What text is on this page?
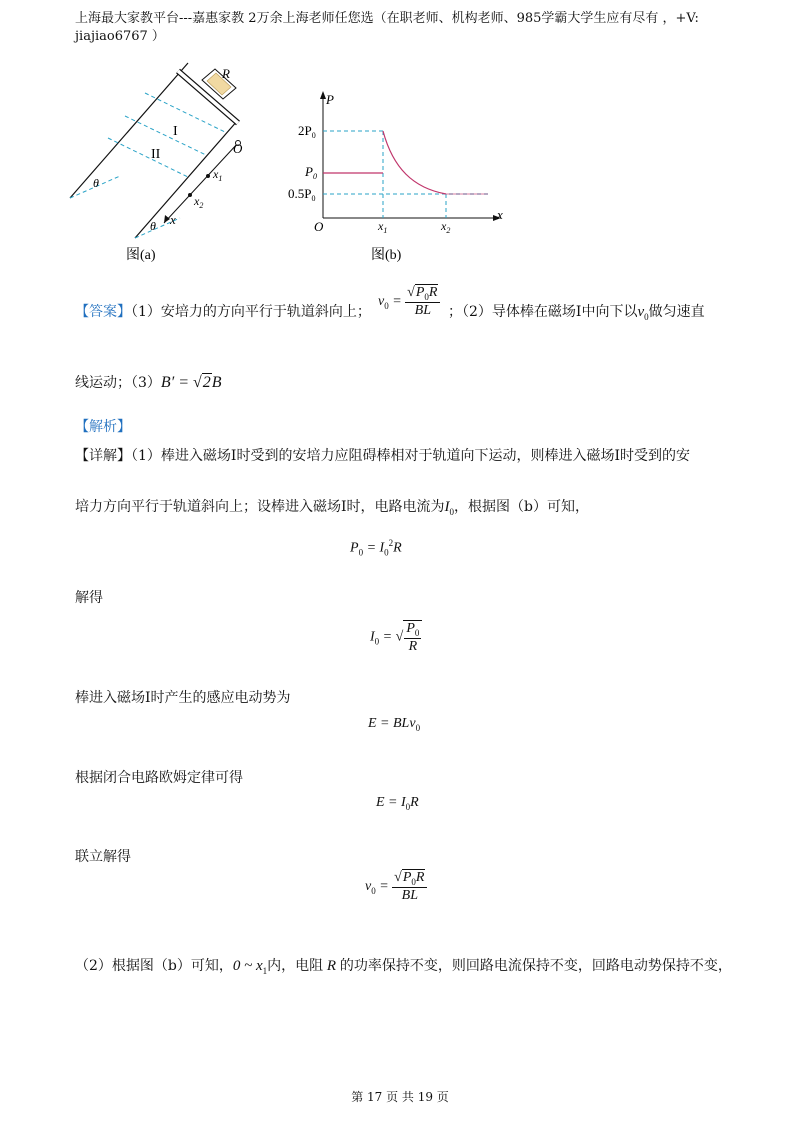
上海最大家教平台---嘉惠家教 2万余上海老师任您选（在职老师、机构老师、985学霸大学生应有尽有 ，+V:
jiajiao6767 ）
R
I
II	O
$x_1$
$x_2$
x
θ
θ
图(a)
P
x
O
$2P_0$
$P_0$
$0.5P_0$
$x_1$	$x_2$
图(b)
【答案】（1）安培力的方向平行于轨道斜向上；
$v_0 = \frac{√P_0R}{BL}$ ；（2）导体棒在磁场I中向下以$v_0$做匀速直
线运动；（3）B′ = √2B
【解析】
【详解】（1）棒进入磁场I时受到的安培力应阻碍棒相对于轨道向下运动，则棒进入磁场I时受到的安
培力方向平行于轨道斜向上；设棒进入磁场I时，电路电流为$I_0$，根据图（b）可知，
$P_0 = I_0^2R$
解得
$I_0$ = √ $\frac{P_0}{R}$
棒进入磁场I时产生的感应电动势为
E = BLv$_0$
根据闭合电路欧姆定律可得
$E = I_0R$
联立解得
$v_0 = \frac{√P_0R}{BL}$
（2）根据图（b）可知，0 ~ $x_1$内，电阻 R 的功率保持不变，则回路电流保持不变，回路电动势保持不变，
第 17 页 共 19 页
